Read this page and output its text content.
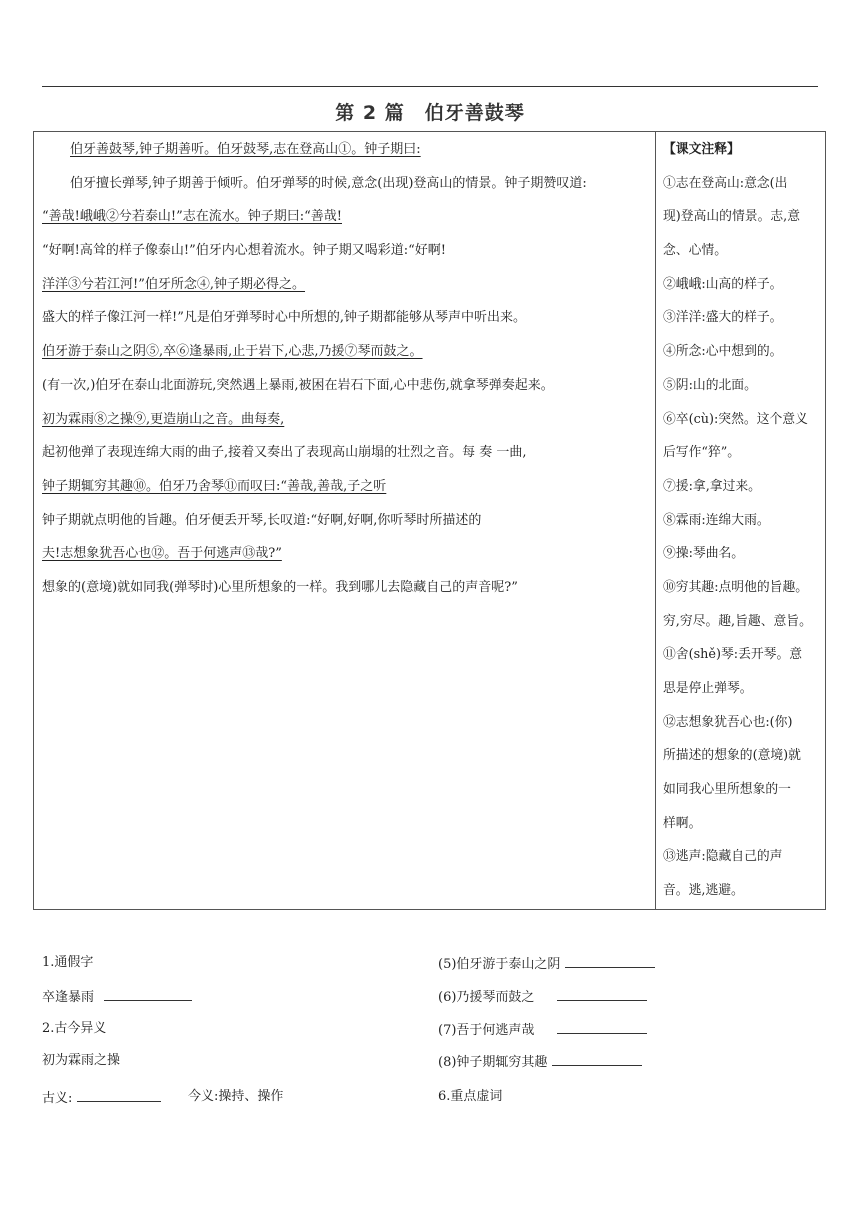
第 2 篇　伯牙善鼓琴
伯牙善鼓琴,钟子期善听。伯牙鼓琴,志在登高山①。钟子期曰:
伯牙擅长弹琴,钟子期善于倾听。伯牙弹琴的时候,意念(出现)登高山的情景。钟子期赞叹道:
“善哉!峨峨②兮若泰山!”志在流水。钟子期曰:“善哉!
“好啊!高耸的样子像泰山!”伯牙内心想着流水。钟子期又喝彩道:“好啊!
洋洋③兮若江河!”伯牙所念④,钟子期必得之。
盛大的样子像江河一样!”凡是伯牙弹琴时心中所想的,钟子期都能够从琴声中听出来。
伯牙游于泰山之阴⑤,卒⑥逢暴雨,止于岩下,心悲,乃援⑦琴而鼓之。
(有一次,)伯牙在泰山北面游玩,突然遇上暴雨,被困在岩石下面,心中悲伤,就拿琴弹奏起来。
初为霖雨⑧之操⑨,更造崩山之音。曲每奏,
起初他弹了表现连绵大雨的曲子,接着又奏出了表现高山崩塌的壮烈之音。每 奏 一曲,
钟子期辄穷其趣⑩。伯牙乃舍琴⑪而叹曰:“善哉,善哉,子之听
钟子期就点明他的旨趣。伯牙便丢开琴,长叹道:“好啊,好啊,你听琴时所描述的
夫!志想象犹吾心也⑫。吾于何逃声⑬哉?”
想象的(意境)就如同我(弹琴时)心里所想象的一样。我到哪儿去隐藏自己的声音呢?”
【课文注释】
①志在登高山:意念(出
现)登高山的情景。志,意
念、心情。
②峨峨:山高的样子。
③洋洋:盛大的样子。
④所念:心中想到的。
⑤阴:山的北面。
⑥卒(cù):突然。这个意义
后写作“猝”。
⑦援:拿,拿过来。
⑧霖雨:连绵大雨。
⑨操:琴曲名。
⑩穷其趣:点明他的旨趣。
穷,穷尽。趣,旨趣、意旨。
⑪舍(shě)琴:丢开琴。意
思是停止弹琴。
⑫志想象犹吾心也:(你)
所描述的想象的(意境)就
如同我心里所想象的一
样啊。
⑬逃声:隐藏自己的声
音。逃,逃避。
1.通假字
卒逢暴雨
2.古今异义
初为霖雨之操
古义:	今义:操持、操作
(5)伯牙游于泰山之阴
(6)乃援琴而鼓之
(7)吾于何逃声哉
(8)钟子期辄穷其趣
6.重点虚词
